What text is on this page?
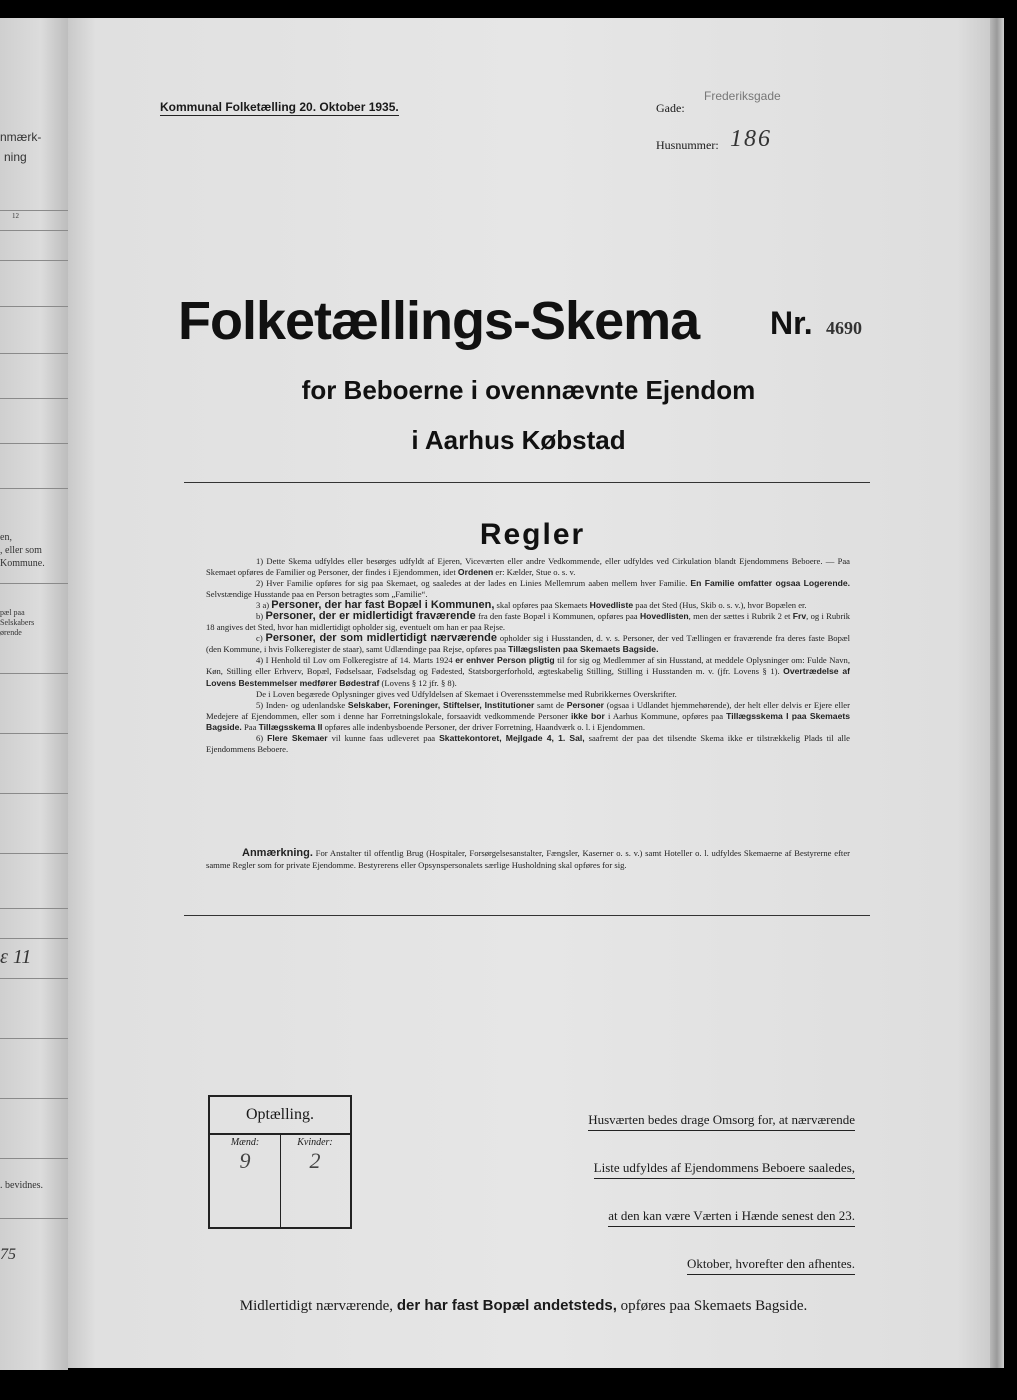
nmærk-
ning
12
en,
, eller som
Kommune.
pæl paa
Selskabers
ørende
ε 11
. bevidnes.
75
Kommunal Folketælling 20. Oktober 1935.	Gade:
Frederiksgade
Husnummer: 186
Folketællings-Skema Nr. 4690
for Beboerne i ovennævnte Ejendom
i Aarhus Købstad
Regler

1) Dette Skema udfyldes eller besørges udfyldt af Ejeren, Viceværten eller andre Vedkommende, eller udfyldes ved Cirkulation blandt Ejendommens Beboere. — Paa Skemaet opføres de Familier og Personer, der findes i Ejendommen, idet Ordenen er: Kælder, Stue o. s. v.

2) Hver Familie opføres for sig paa Skemaet, og saaledes at der lades en Linies Mellemrum aaben mellem hver Familie. En Familie omfatter ogsaa Logerende. Selvstændige Husstande paa en Person betragtes som „Familie“.

3 a) Personer, der har fast Bopæl i Kommunen, skal opføres paa Skemaets Hovedliste paa det Sted (Hus, Skib o. s. v.), hvor Bopælen er.

b) Personer, der er midlertidigt fraværende fra den faste Bopæl i Kommunen, opføres paa Hovedlisten, men der sættes i Rubrik 2 et Frv, og i Rubrik 18 angives det Sted, hvor han midlertidigt opholder sig, eventuelt om han er paa Rejse.

c) Personer, der som midlertidigt nærværende opholder sig i Husstanden, d. v. s. Personer, der ved Tællingen er fraværende fra deres faste Bopæl (den Kommune, i hvis Folkeregister de staar), samt Udlændinge paa Rejse, opføres paa Tillægslisten paa Skemaets Bagside.

4) I Henhold til Lov om Folkeregistre af 14. Marts 1924 er enhver Person pligtig til for sig og Medlemmer af sin Husstand, at meddele Oplysninger om: Fulde Navn, Køn, Stilling eller Erhverv, Bopæl, Fødselsaar, Fødselsdag og Fødested, Statsborgerforhold, ægteskabelig Stilling, Stilling i Husstanden m. v. (jfr. Lovens § 1). Overtrædelse af Lovens Bestemmelser medfører Bødestraf (Lovens § 12 jfr. § 8).

De i Loven begærede Oplysninger gives ved Udfyldelsen af Skemaet i Overensstemmelse med Rubrikkernes Overskrifter.

5) Inden- og udenlandske Selskaber, Foreninger, Stiftelser, Institutioner samt de Personer (ogsaa i Udlandet hjemmehørende), der helt eller delvis er Ejere eller Medejere af Ejendommen, eller som i denne har Forretningslokale, forsaavidt vedkommende Personer ikke bor i Aarhus Kommune, opføres paa Tillægsskema I paa Skemaets Bagside. Paa Tillægsskema II opføres alle indenbysboende Personer, der driver Forretning, Haandværk o. l. i Ejendommen.

6) Flere Skemaer vil kunne faas udleveret paa Skattekontoret, Mejlgade 4, 1. Sal, saafremt der paa det tilsendte Skema ikke er tilstrækkelig Plads til alle Ejendommens Beboere.

Anmærkning. For Anstalter til offentlig Brug (Hospitaler, Forsørgelsesanstalter, Fængsler, Kaserner o. s. v.) samt Hoteller o. l. udfyldes Skemaerne af Bestyrerne efter samme Regler som for private Ejendomme. Bestyrerens eller Opsynspersonalets særlige Husholdning skal opføres for sig.
Optælling.
Mænd:
9
Kvinder:
2
Husværten bedes drage Omsorg for, at nærværende
Liste udfyldes af Ejendommens Beboere saaledes,
at den kan være Værten i Hænde senest den 23.
Oktober, hvorefter den afhentes.
Midlertidigt nærværende, der har fast Bopæl andetsteds, opføres paa Skemaets Bagside.
